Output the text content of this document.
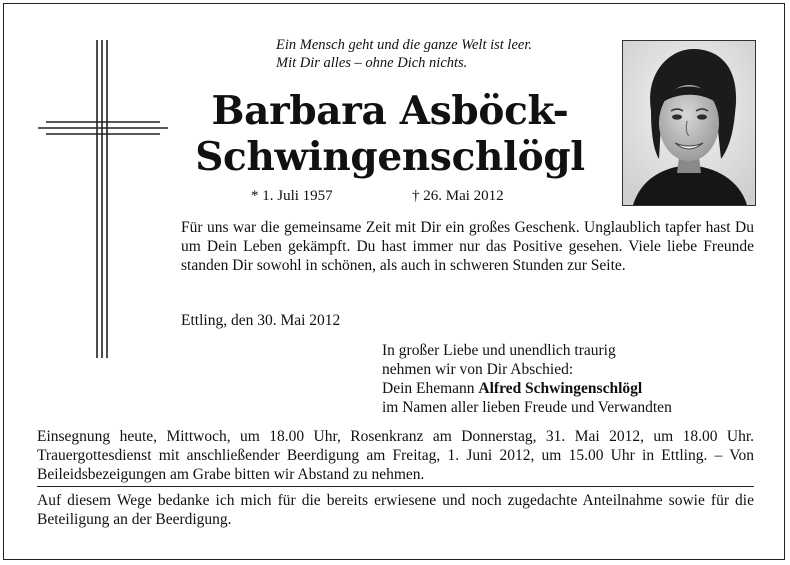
Ein Mensch geht und die ganze Welt ist leer.
Mit Dir alles – ohne Dich nichts.
Barbara Asböck-
Schwingenschlögl
* 1. Juli 1957	† 26. Mai 2012
Für uns war die gemeinsame Zeit mit Dir ein großes Geschenk. Unglaublich tapfer hast Du um Dein Leben gekämpft. Du hast immer nur das Positive gesehen. Viele liebe Freunde standen Dir sowohl in schönen, als auch in schweren Stunden zur Seite.
Ettling, den 30. Mai 2012
In großer Liebe und unendlich traurig
nehmen wir von Dir Abschied:
Dein Ehemann Alfred Schwingenschlögl
im Namen aller lieben Freude und Verwandten
Einsegnung heute, Mittwoch, um 18.00 Uhr, Rosenkranz am Donnerstag, 31. Mai 2012, um 18.00 Uhr. Trauergottesdienst mit anschließender Beerdigung am Freitag, 1. Juni 2012, um 15.00 Uhr in Ettling. – Von Beileidsbezeigungen am Grabe bitten wir Abstand zu nehmen.
Auf diesem Wege bedanke ich mich für die bereits erwiesene und noch zugedachte Anteilnahme sowie für die Beteiligung an der Beerdigung.
